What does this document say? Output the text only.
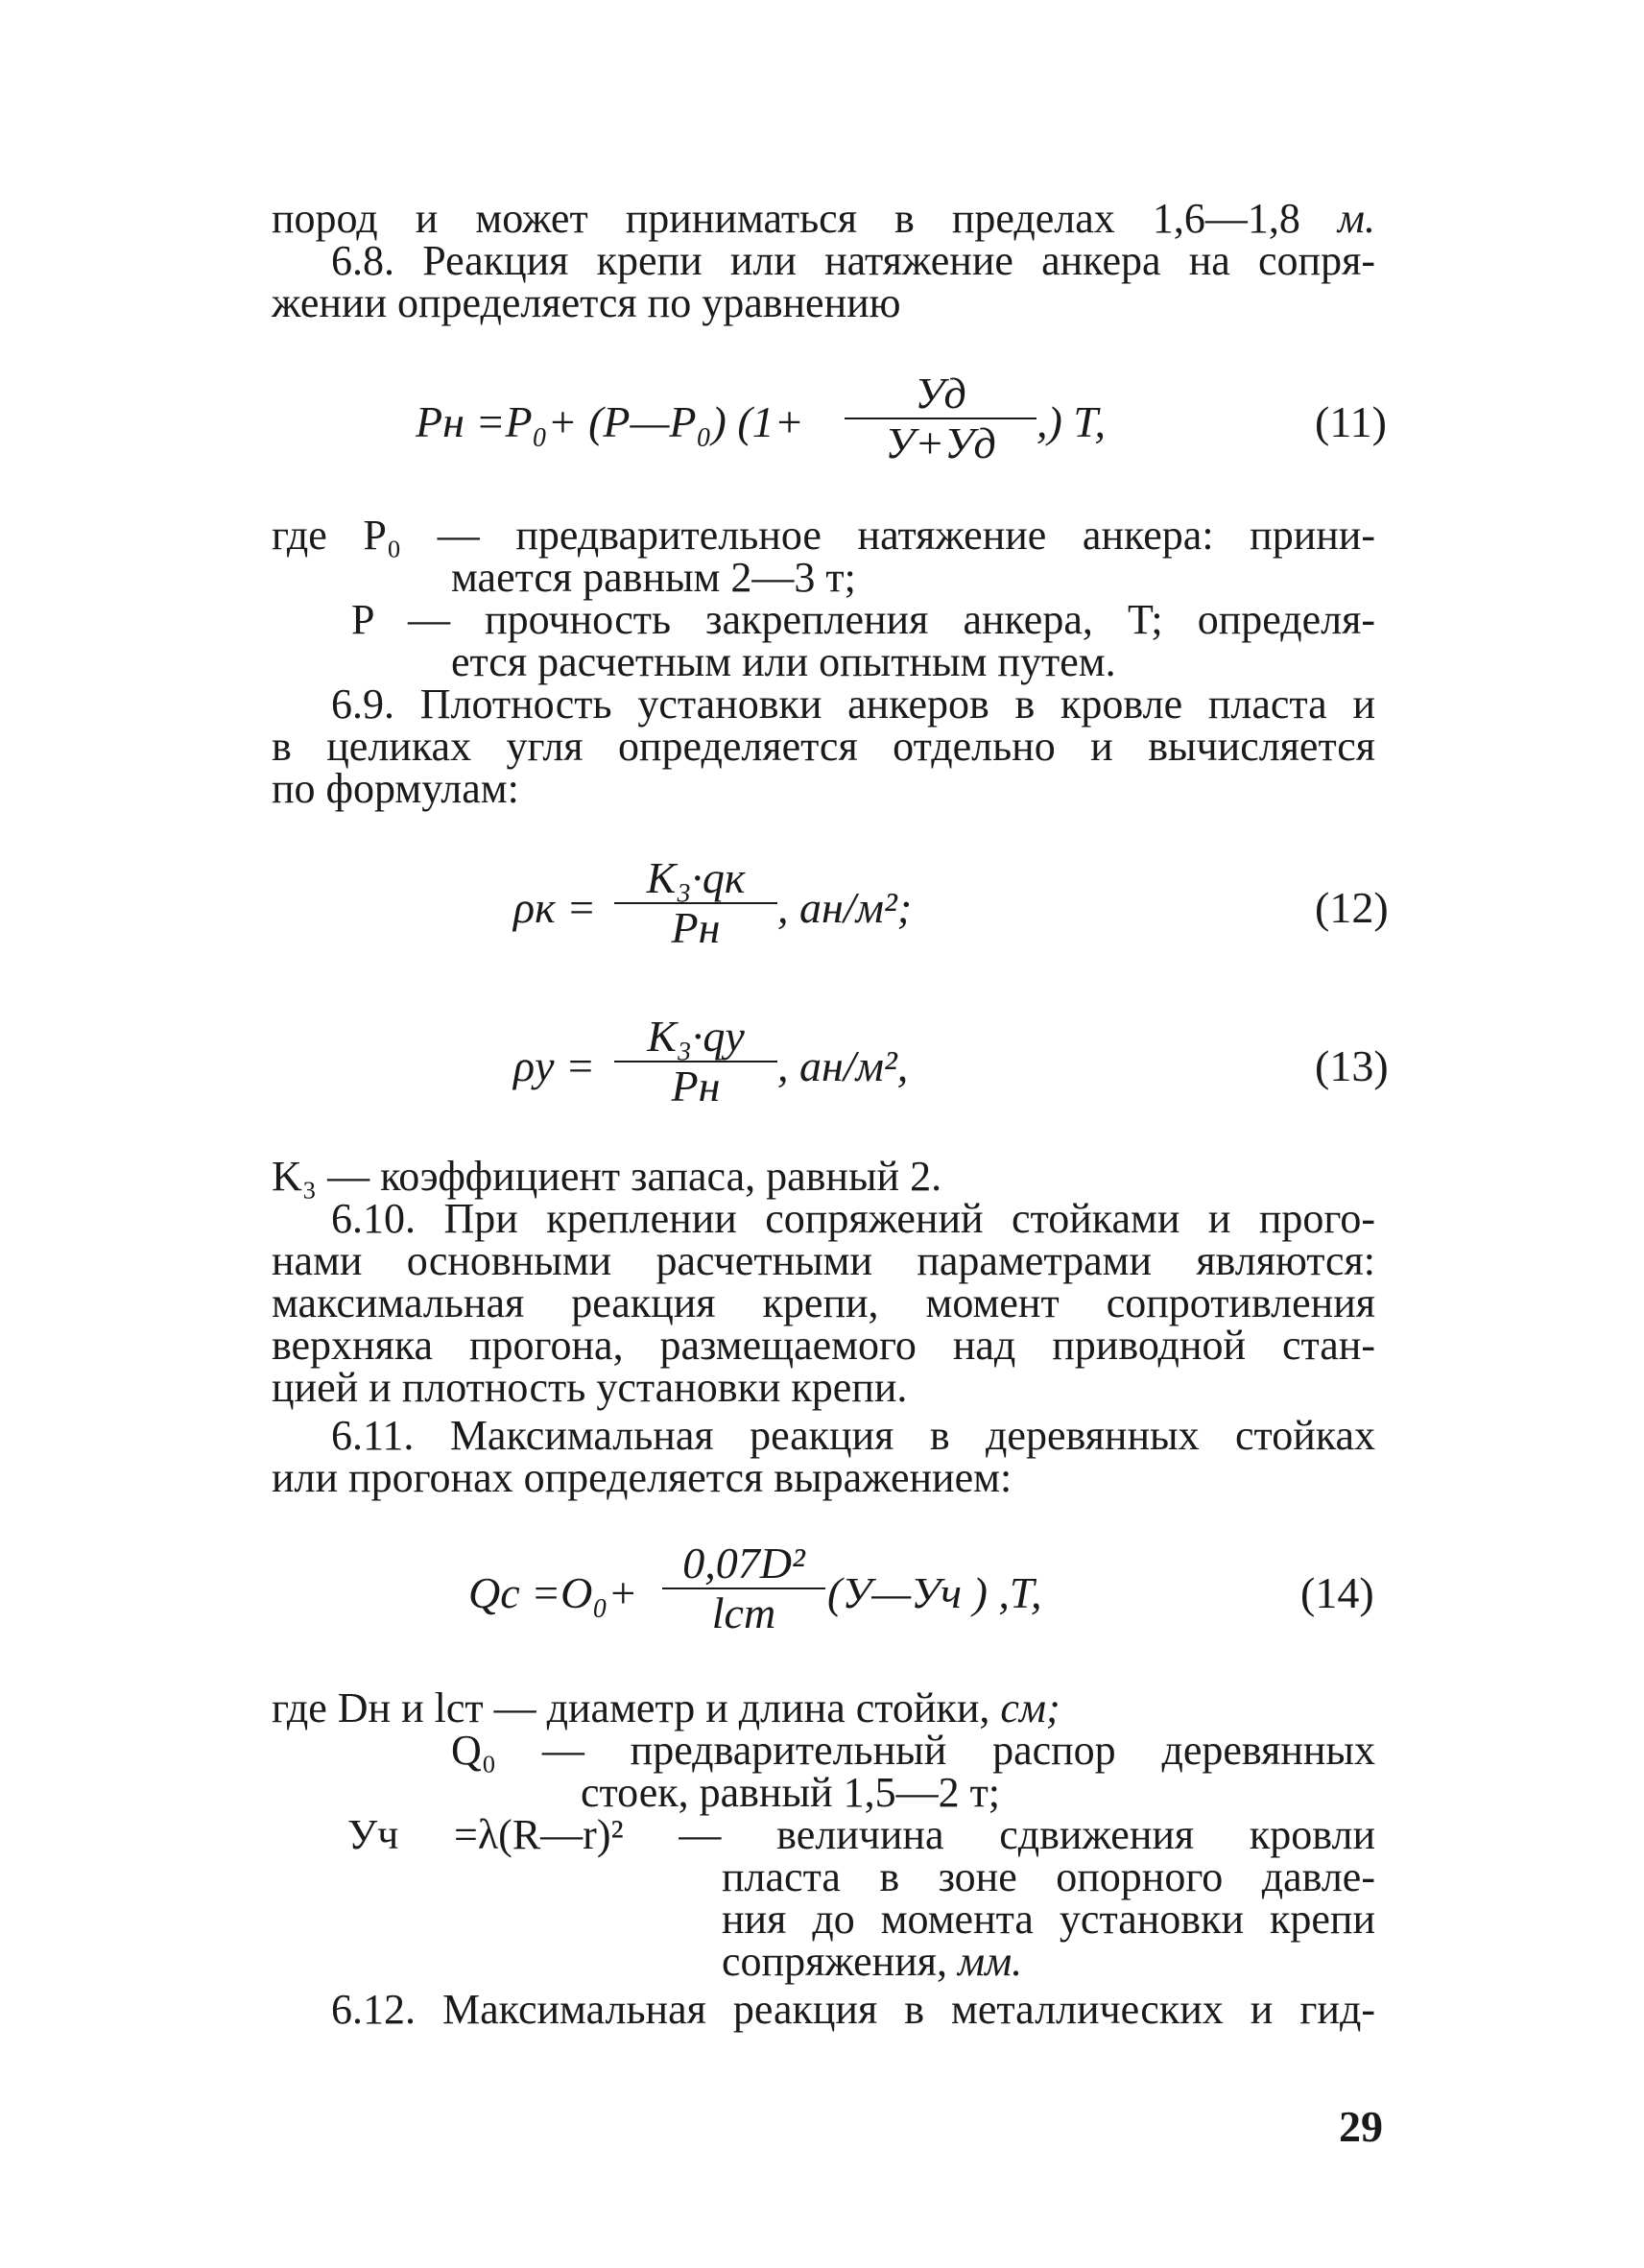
пород и может приниматься в пределах 1,6—1,8 м.
6.8. Реакция крепи или натяжение анкера на сопря-
жении определяется по уравнению
Pн =P₀+ (P—P₀) (1+
Уд
У+Уд ,) T,	(11)
где P₀ — предварительное натяжение анкера: прини-
мается равным 2—3 т;
P — прочность закрепления анкера, T; определя-
ется расчетным или опытным путем.
6.9. Плотность установки анкеров в кровле пласта и
в целиках угля определяется отдельно и вычисляется
по формулам:
ρк =
K₃·qк
Pн	, ан/м²;	(12)
ρу =
K₃·qу
Pн	, ан/м²,	(13)
K₃ — коэффициент запаса, равный 2.
6.10. При креплении сопряжений стойками и прого-
нами основными расчетными параметрами являются:
максимальная реакция крепи, момент сопротивления
верхняка прогона, размещаемого над приводной стан-
цией и плотность установки крепи.
6.11. Максимальная реакция в деревянных стойках
или прогонах определяется выражением:
Qс =O₀+
0,07D²
lст	(У—Уч ) ,T,	(14)
где Dн и lст — диаметр и длина стойки, см;
Q₀ — предварительный распор деревянных
стоек, равный 1,5—2 т;
Уч =λ(R—r)² — величина сдвижения кровли
пласта в зоне опорного давле-
ния до момента установки крепи
сопряжения, мм.
6.12. Максимальная реакция в металлических и гид-
29
